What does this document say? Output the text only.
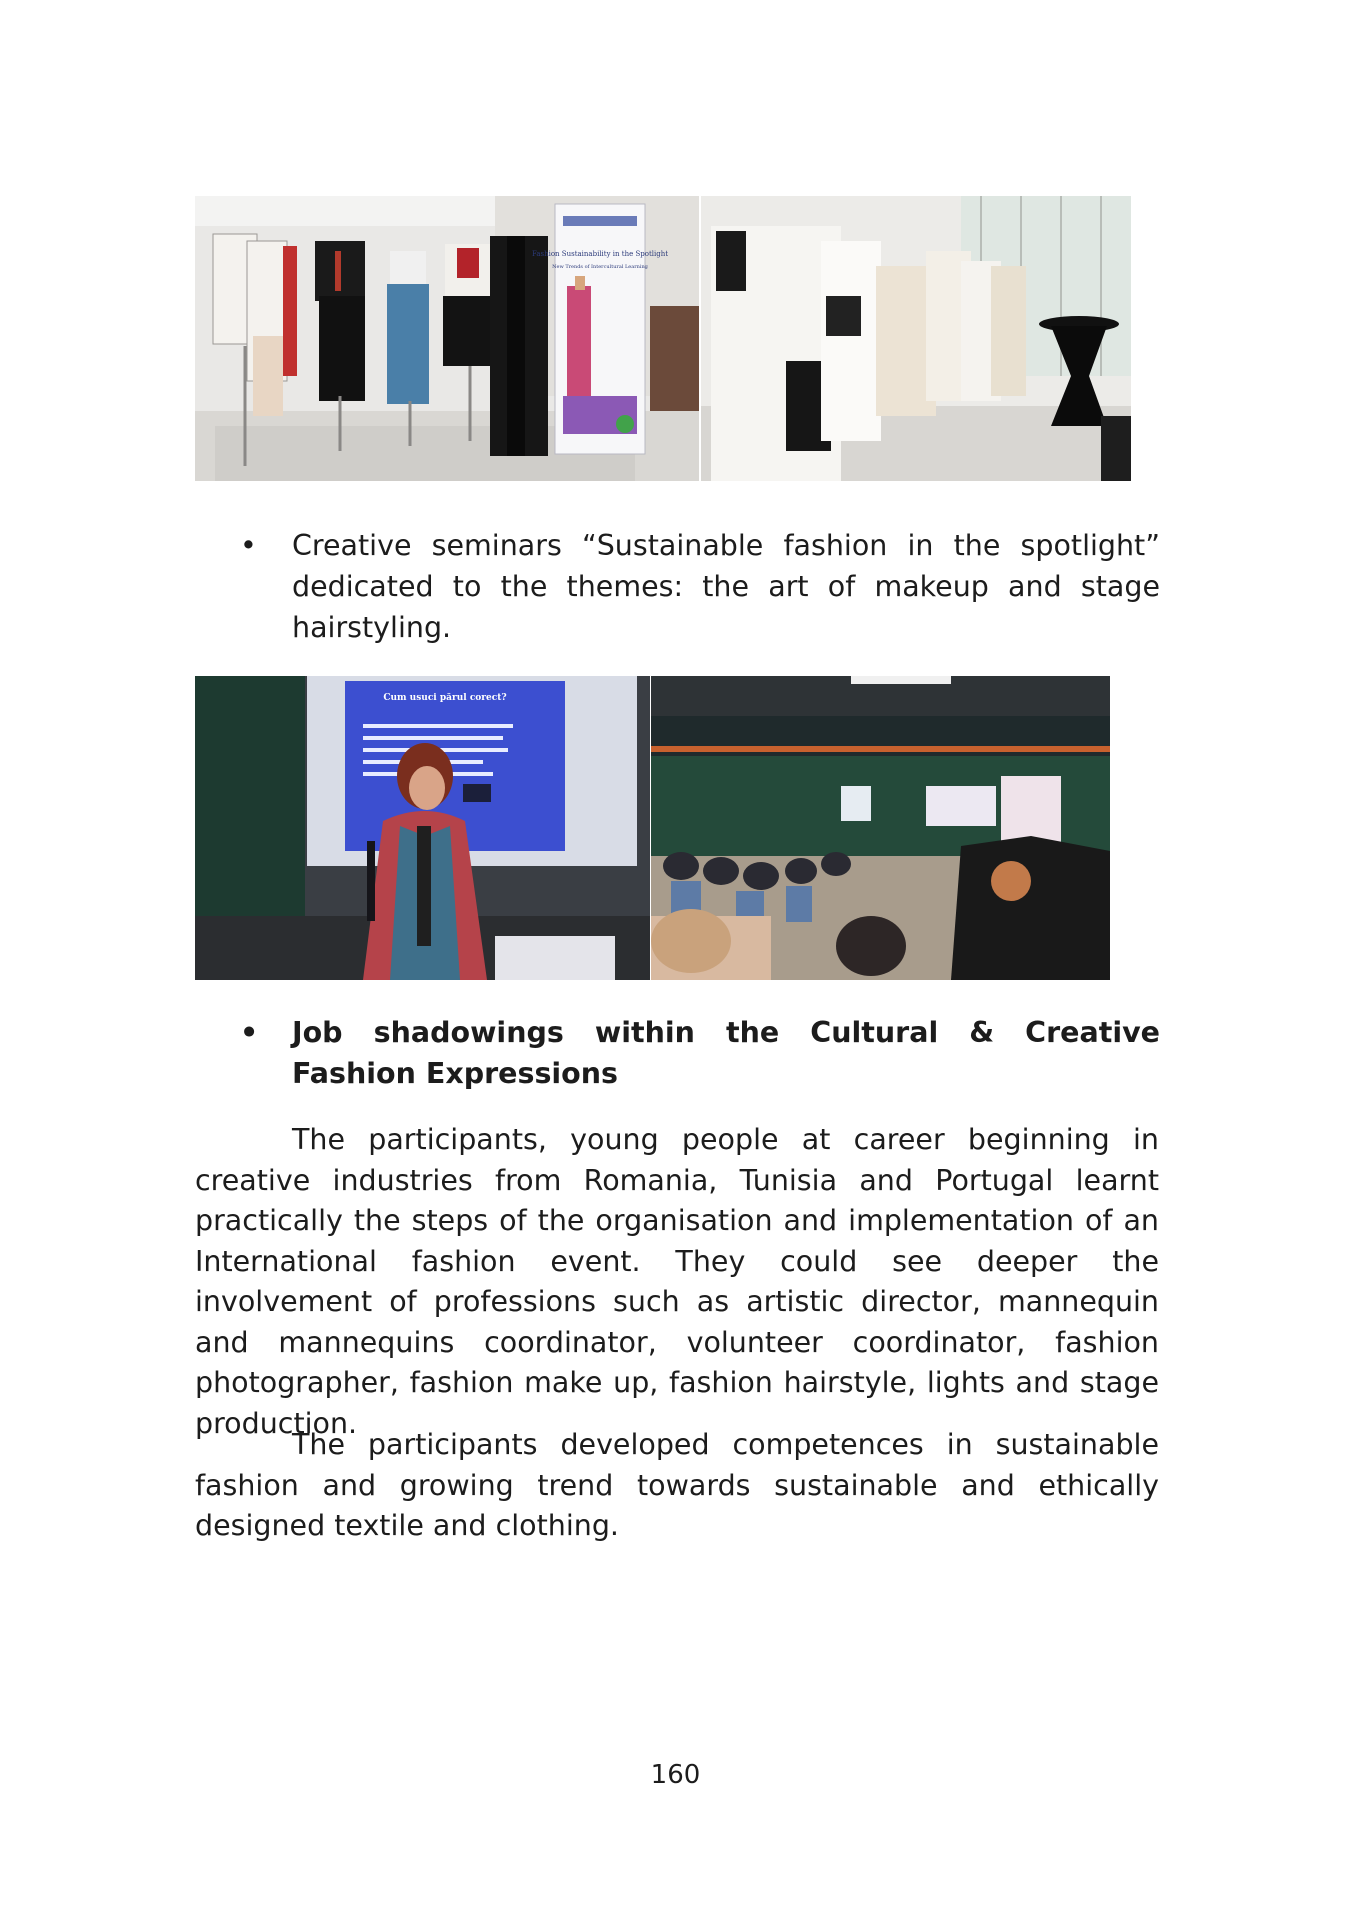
Fashion Sustainability in the Spotlight
New Trends of Intercultural Learning
•	Creative seminars “Sustainable fashion in the spotlight” dedicated to the themes: the art of makeup and stage hairstyling.
Cum usuci părul corect?
•	Job shadowings within the Cultural & Creative Fashion Expressions
The participants, young people at career beginning in creative industries from Romania, Tunisia and Portugal learnt practically the steps of the organisation and implementation of an International fashion event. They could see deeper the involvement of professions such as artistic director, mannequin and mannequins coordinator, volunteer coordinator, fashion photographer, fashion make up, fashion hairstyle, lights and stage production.
The participants developed competences in sustainable fashion and growing trend towards sustainable and ethically designed textile and clothing.
160
